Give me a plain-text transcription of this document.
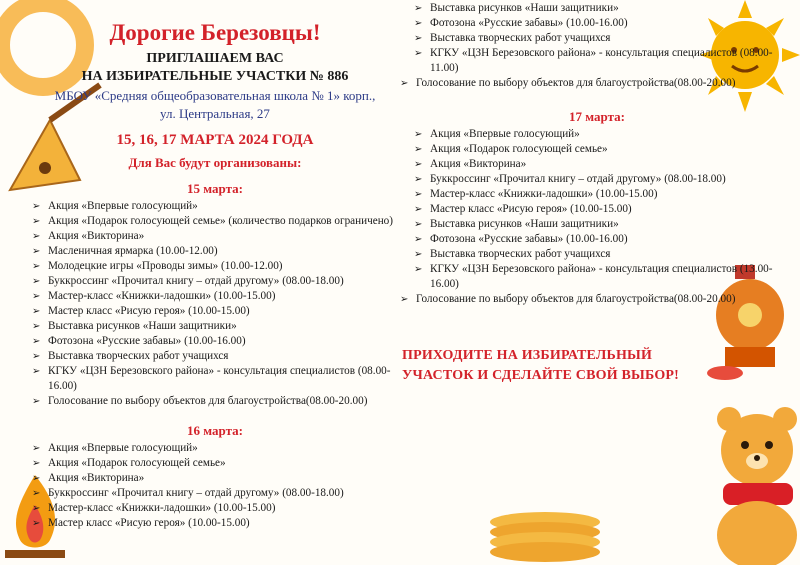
Дорогие Березовцы!
ПРИГЛАШАЕМ ВАС
НА ИЗБИРАТЕЛЬНЫЕ УЧАСТКИ № 886
МБОУ «Средняя общеобразовательная школа № 1» корп.,
ул. Центральная, 27
15, 16, 17 МАРТА 2024 ГОДА
Для Вас будут организованы:
15 марта:
➢ Акция «Впервые голосующий»
➢ Акция «Подарок голосующей семье» (количество подарков ограничено)
➢ Акция «Викторина»
➢ Масленичная ярмарка (10.00-12.00)
➢ Молодецкие игры «Проводы зимы» (10.00-12.00)
➢ Буккроссинг «Прочитал книгу – отдай другому» (08.00-18.00)
➢ Мастер-класс «Книжки-ладошки» (10.00-15.00)
➢ Мастер класс «Рисую героя» (10.00-15.00)
➢ Выставка рисунков «Наши защитники»
➢ Фотозона «Русские забавы» (10.00-16.00)
➢ Выставка творческих работ учащихся
➢ КГКУ «ЦЗН Березовского района» - консультация специалистов (08.00-16.00)
➢ Голосование по выбору объектов для благоустройства(08.00-20.00)
16 марта:
➢ Акция «Впервые голосующий»
➢ Акция «Подарок голосующей семье»
➢ Акция «Викторина»
➢ Буккроссинг «Прочитал книгу – отдай другому» (08.00-18.00)
➢ Мастер-класс «Книжки-ладошки» (10.00-15.00)
➢ Мастер класс «Рисую героя» (10.00-15.00)
➢ Выставка рисунков «Наши защитники»
➢ Фотозона «Русские забавы» (10.00-16.00)
➢ Выставка творческих работ учащихся
➢ КГКУ «ЦЗН Березовского района» - консультация специалистов (08.00-11.00)
➢ Голосование по выбору объектов для благоустройства(08.00-20.00)
17 марта:
➢ Акция «Впервые голосующий»
➢ Акция «Подарок голосующей семье»
➢ Акция «Викторина»
➢ Буккроссинг «Прочитал книгу – отдай другому» (08.00-18.00)
➢ Мастер-класс «Книжки-ладошки» (10.00-15.00)
➢ Мастер класс «Рисую героя» (10.00-15.00)
➢ Выставка рисунков «Наши защитники»
➢ Фотозона «Русские забавы» (10.00-16.00)
➢ Выставка творческих работ учащихся
➢ КГКУ «ЦЗН Березовского района» - консультация специалистов (13.00-16.00)
➢ Голосование по выбору объектов для благоустройства(08.00-20.00)
ПРИХОДИТЕ НА ИЗБИРАТЕЛЬНЫЙ
УЧАСТОК И СДЕЛАЙТЕ СВОЙ ВЫБОР!
